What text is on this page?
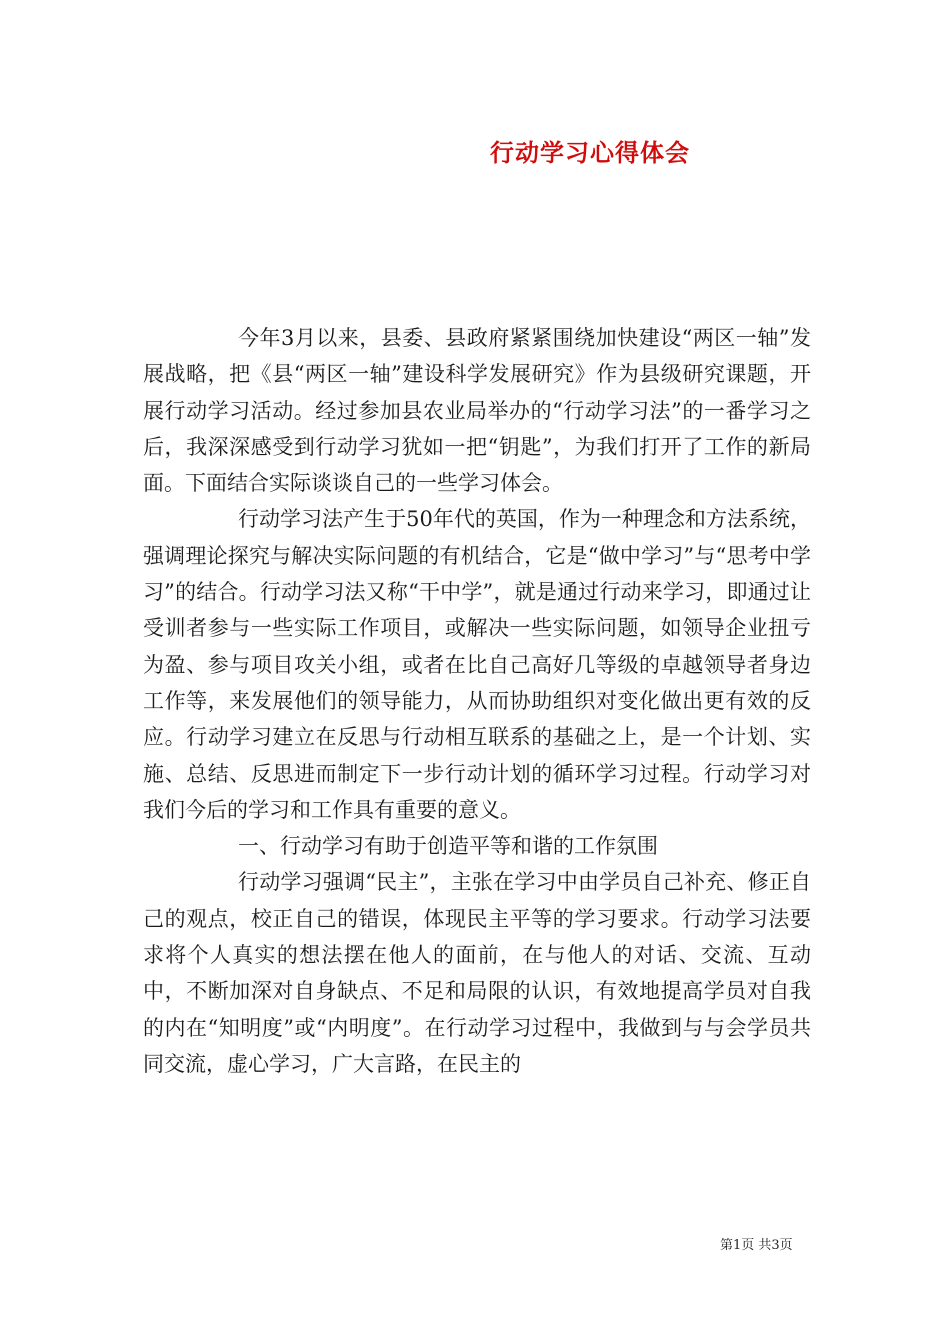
行动学习心得体会

今年3月以来，县委、县政府紧紧围绕加快建设“两区一轴”发展战略，把《县“两区一轴”建设科学发展研究》作为县级研究课题，开展行动学习活动。经过参加县农业局举办的“行动学习法”的一番学习之后，我深深感受到行动学习犹如一把“钥匙”，为我们打开了工作的新局面。下面结合实际谈谈自己的一些学习体会。

行动学习法产生于50年代的英国，作为一种理念和方法系统，强调理论探究与解决实际问题的有机结合，它是“做中学习”与“思考中学习”的结合。行动学习法又称“干中学”，就是通过行动来学习，即通过让受训者参与一些实际工作项目，或解决一些实际问题，如领导企业扭亏为盈、参与项目攻关小组，或者在比自己高好几等级的卓越领导者身边工作等，来发展他们的领导能力，从而协助组织对变化做出更有效的反应。行动学习建立在反思与行动相互联系的基础之上，是一个计划、实施、总结、反思进而制定下一步行动计划的循环学习过程。行动学习对我们今后的学习和工作具有重要的意义。

一、行动学习有助于创造平等和谐的工作氛围

行动学习强调“民主”，主张在学习中由学员自己补充、修正自己的观点，校正自己的错误，体现民主平等的学习要求。行动学习法要求将个人真实的想法摆在他人的面前，在与他人的对话、交流、互动中，不断加深对自身缺点、不足和局限的认识，有效地提高学员对自我的内在“知明度”或“内明度”。在行动学习过程中，我做到与与会学员共同交流，虚心学习，广大言路，在民主的

第1页 共3页
